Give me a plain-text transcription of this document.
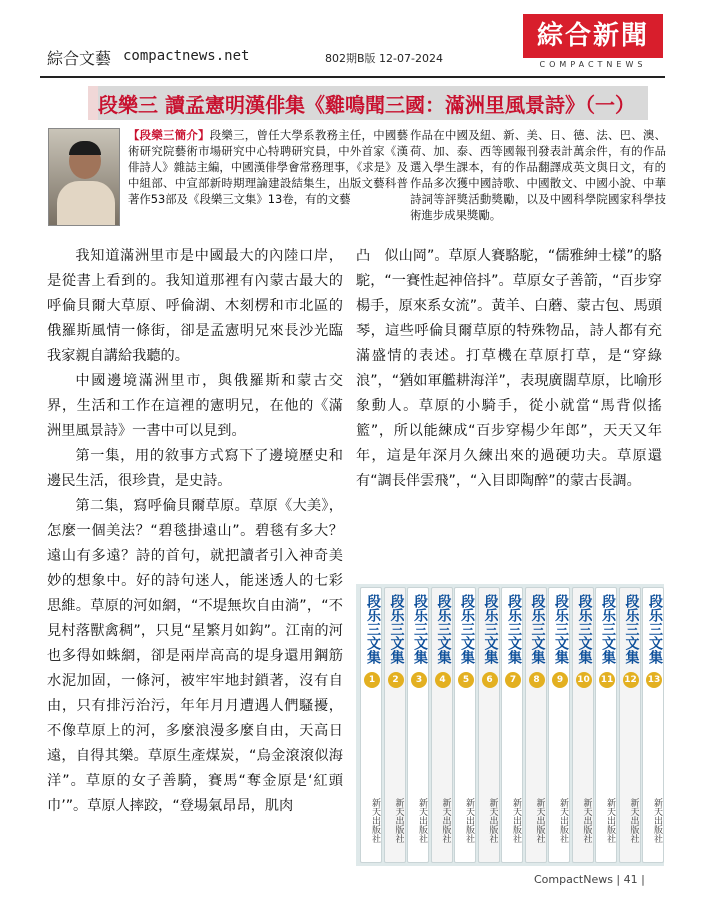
綜合文藝 compactnews.net	802期B版 12-07-2024
綜合新聞
COMPACTNEWS
段樂三 讀孟憲明漢俳集《雞鳴聞三國：滿洲里風景詩》（一）
【段樂三簡介】段樂三，曾任大學系教務主任，中國藝術研究院藝術市場研究中心特聘研究員，中外首家《漢俳詩人》雜誌主編，中國漢俳學會常務理事，《求是》及中組部、中宣部新時期理論建設結集生，出版文藝科普著作53部及《段樂三文集》13卷，有的文藝
作品在中國及紐、新、美、日、德、法、巴、澳、荷、加、泰、西等國報刊發表計萬余件，有的作品選入學生課本，有的作品翻譯成英文與日文，有的作品多次獲中國詩歌、中國散文、中國小說、中華詩詞等評獎活動獎勵，以及中國科學院國家科學技術進步成果獎勵。

我知道滿洲里市是中國最大的內陸口岸，是從書上看到的。我知道那裡有內蒙古最大的呼倫貝爾大草原、呼倫湖、木刻楞和市北區的俄羅斯風情一條街，卻是孟憲明兄來長沙光臨我家親自講給我聽的。

中國邊境滿洲里市，與俄羅斯和蒙古交界，生活和工作在這裡的憲明兄，在他的《滿洲里風景詩》一書中可以見到。

第一集，用的敘事方式寫下了邊境歷史和邊民生活，很珍貴，是史詩。

第二集，寫呼倫貝爾草原。草原《大美》，怎麼一個美法？“碧毯掛遠山”。碧毯有多大？遠山有多遠？詩的首句，就把讀者引入神奇美妙的想象中。好的詩句迷人，能迷透人的七彩思維。草原的河如網，“不堤無坎自由淌”，“不見村落獸禽稠”，只見“星繁月如鈎”。江南的河也多得如蛛網，卻是兩岸高高的堤身還用鋼筋水泥加固，一條河，被牢牢地封鎖著，沒有自由，只有排污治污，年年月月遭遇人們騷擾，不像草原上的河，多麼浪漫多麼自由，天高日遠，自得其樂。草原生產煤炭，“烏金滾滾似海洋”。草原的女子善騎，賽馬“奪金原是‘紅頭巾’”。草原人摔跤，“登場氣昂昂，肌肉

凸　似山岡”。草原人賽駱駝，“儒雅紳士樣”的駱駝，“一賽性起神倍抖”。草原女子善箭，“百步穿楊手，原來系女流”。黃羊、白蘑、蒙古包、馬頭琴，這些呼倫貝爾草原的特殊物品，詩人都有充滿盛情的表述。打草機在草原打草，是“穿綠浪”，“猶如軍艦耕海洋”，表現廣闊草原，比喻形象動人。草原的小騎手，從小就當“馬背似搖籃”，所以能練成“百步穿楊少年郎”，天天又年年，這是年深月久練出來的過硬功夫。草原還有“調長伴雲飛”，“入目即陶醉”的蒙古長調。

段乐三文集
1
新天出版社
段乐三文集
2
新天出版社
段乐三文集
3
新天出版社
段乐三文集
4
新天出版社
段乐三文集
5
新天出版社
段乐三文集
6
新天出版社
段乐三文集
7
新天出版社
段乐三文集
8
新天出版社
段乐三文集
9
新天出版社
段乐三文集
10
新天出版社
段乐三文集
11
新天出版社
段乐三文集
12
新天出版社
段乐三文集
13
新天出版社
CompactNews | 41 |
